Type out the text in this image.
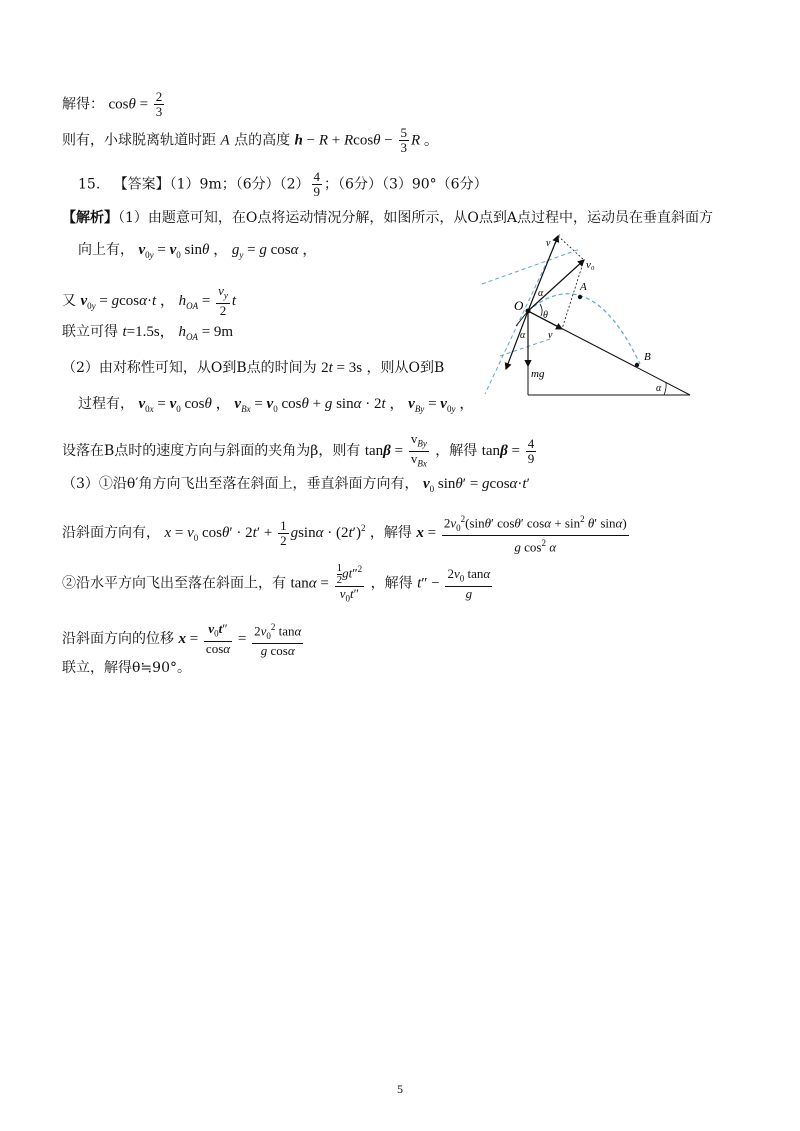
解得： $\cos\theta = \frac{2}{3}$
则有，小球脱离轨道时距 A 点的高度 $h - R + Rcos\theta - \frac{5}{3}$ R 。
15. 【答案】（1）9m；（6分）$(2) \frac{4}{9}$ ；（6分）（3）90°（6分）
【解析】（1）由题意可知，在O点将运动情况分解，如图所示，从O点到A点过程中，运动员在垂直斜面方
向上有， $v_{0y} = v_0$ sinθ ， $g_y = g$ cosα ，
又 $v_{0y} = gcos\alpha\cdot t$ ， $h_{OA} = \frac{v_y}{2}$ t
联立可得 t=1.5s， $h_{OA} = 9m$
（2）由对称性可知，从O到B点的时间为 2t = 3s ，则从O到B
过程有， $v_{0x} = v_0$ cosθ ， $v_{Bx} = v_0$ cosθ + g sinα · 2t ， $v_{By} = v_{0y}$ ，
设落在B点时的速度方向与斜面的夹角为β，则有 $\tan\beta = \frac{v_{By}}{v_{Bx}}$ ，解得 $\tan\beta = \frac{4}{9}$
（3）①沿θ′角方向飞出至落在斜面上，垂直斜面方向有， $v_0$ sinθ′ = gcosα·t′
沿斜面方向有， $x = v_0$ $\cos\theta' \cdot 2t' + \frac{1}{2}$ $gsin\alpha \cdot (2t')^2$ ，解得 $x = \frac{2v_0^2(\sin\theta' \cos\theta' \cos\alpha + \sin^2 \theta' \sin\alpha)}{g \cos^2 \alpha}$
②沿水平方向飞出至落在斜面上，有 $\tan\alpha = \frac{\frac{1}{2} gt''^2}{v_0t''}$ ，解得 $t'' - \frac{2v_0 \tan\alpha}{g}$
沿斜面方向的位移 $x = \frac{v_0t''}{\cos\alpha} = \frac{2v_0^2 \tan\alpha}{\text{g cosα}}$
联立，解得θ≒90°。
v
v₀
O
A
B
α
θ
v
α
mg
α
5
